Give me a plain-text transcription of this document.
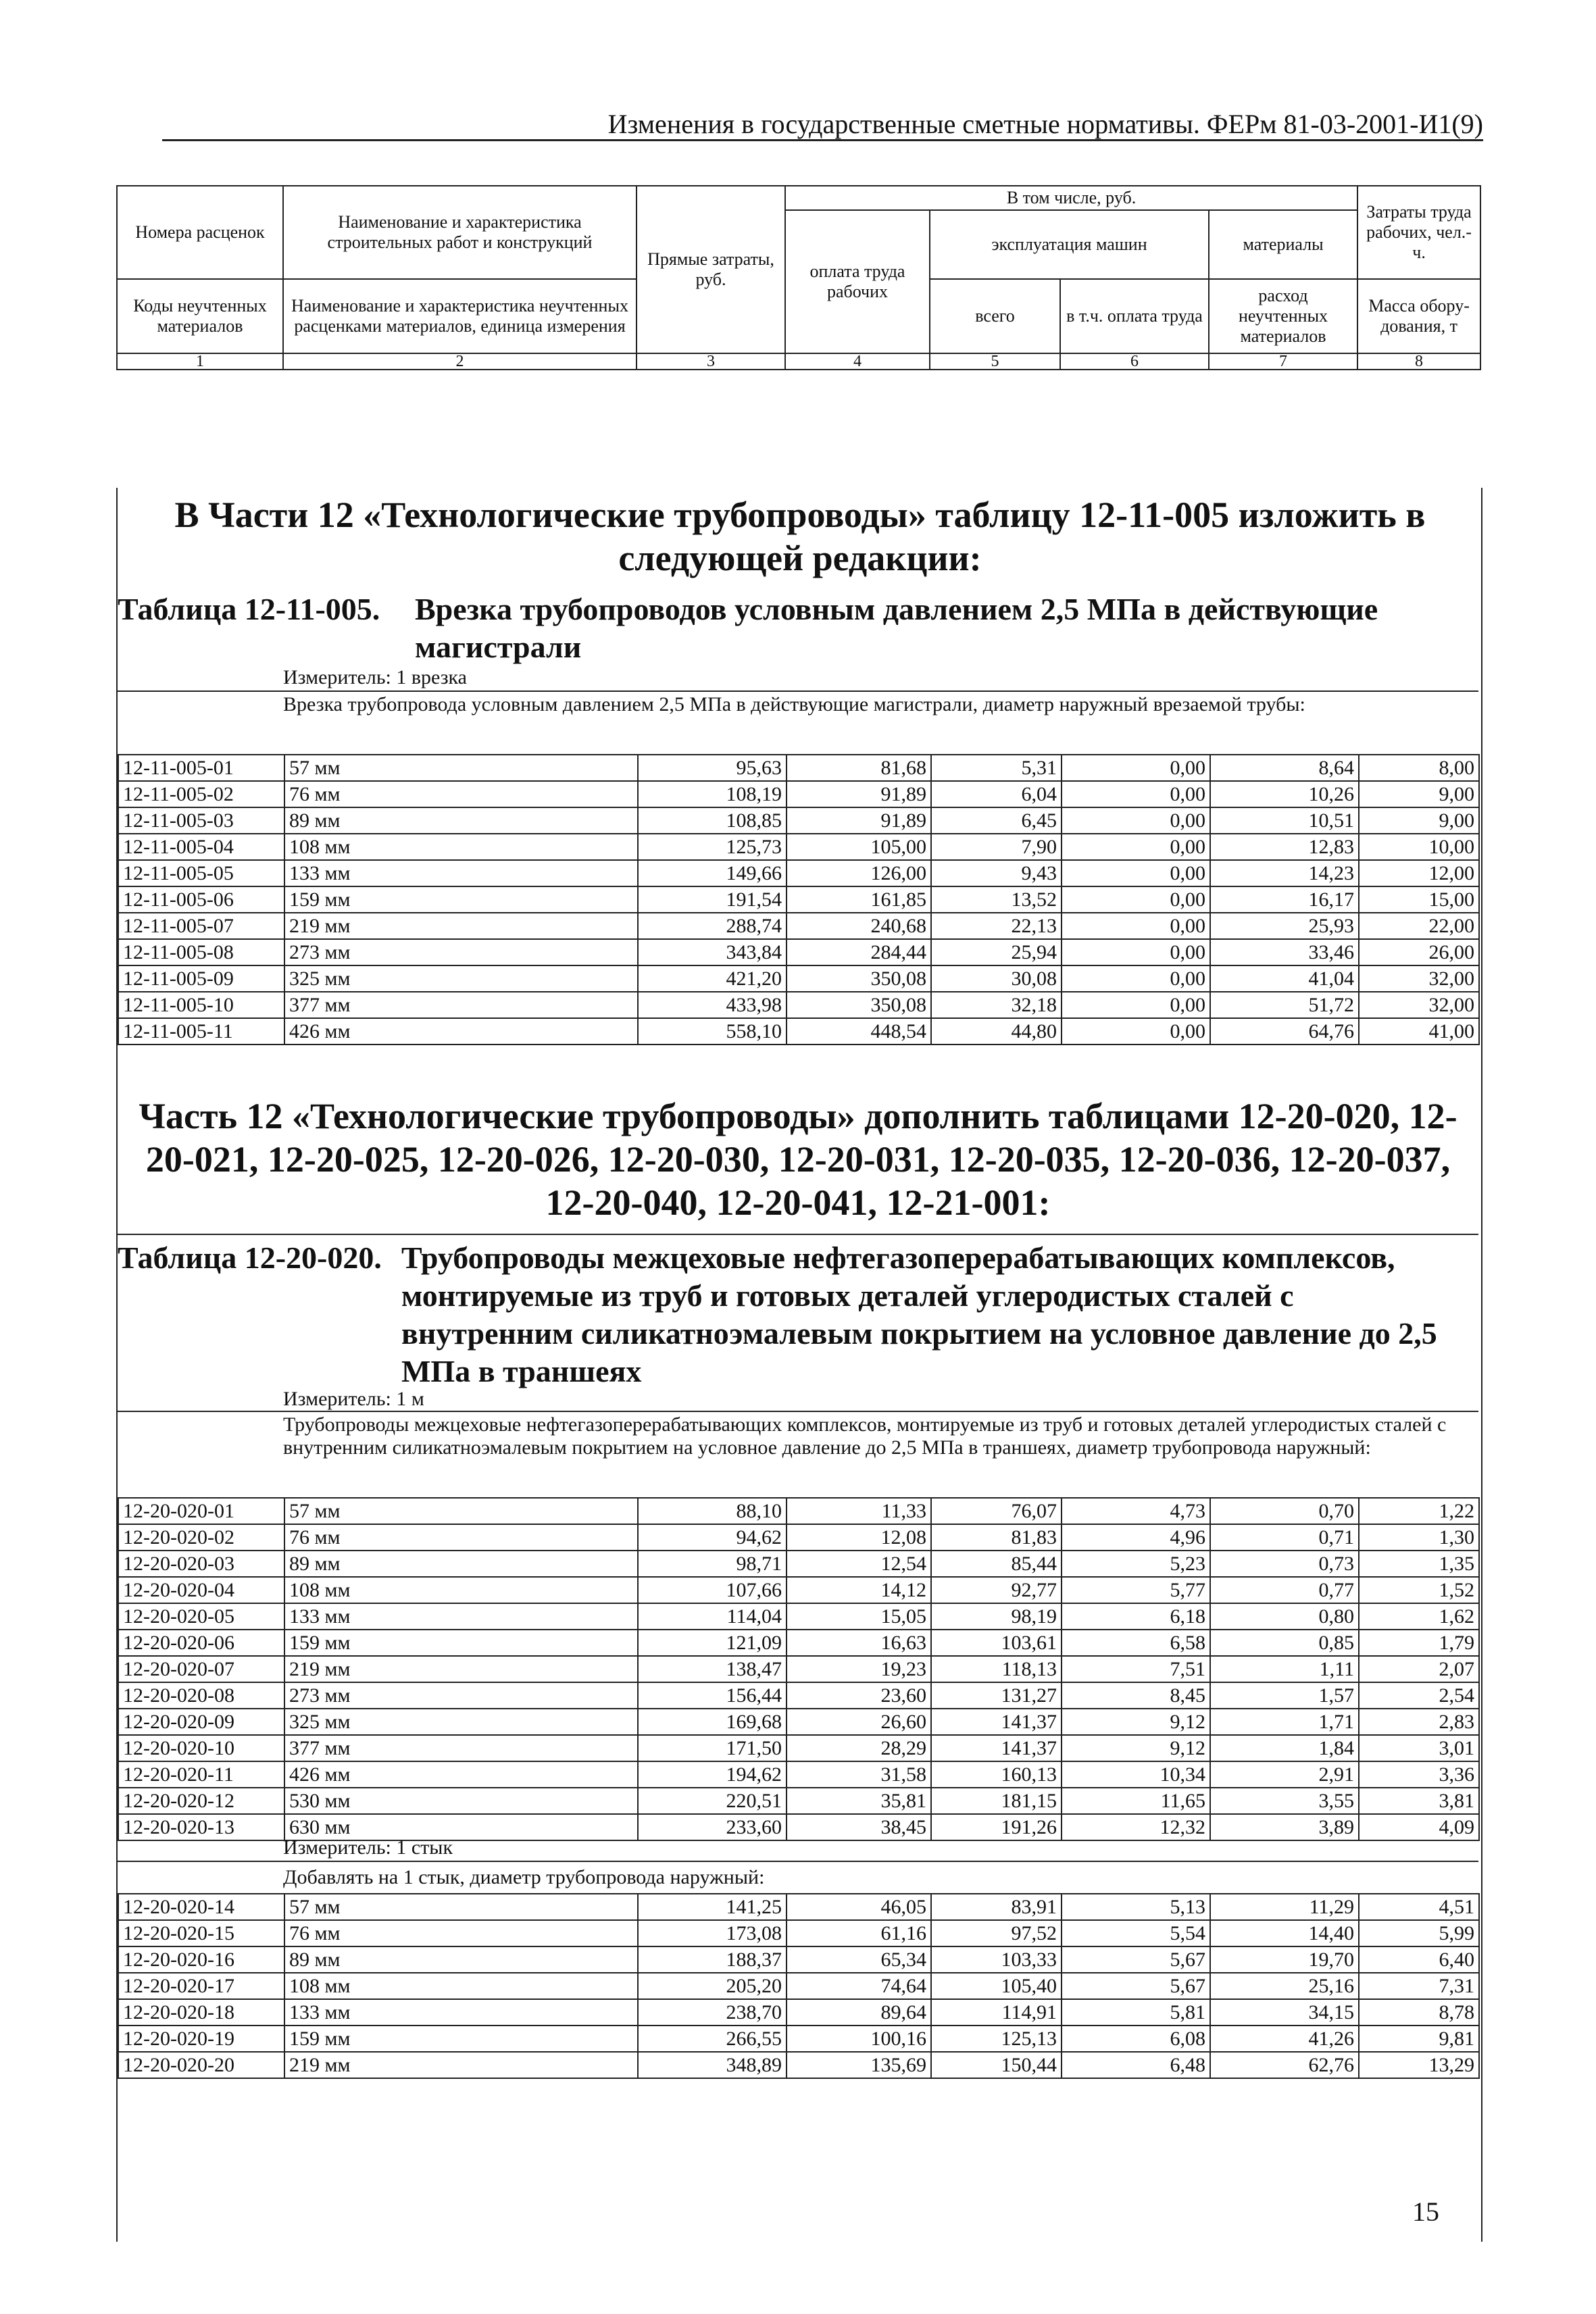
Изменения в государственные сметные нормативы. ФЕРм 81-03-2001-И1(9)
Номера расценок	Наименование и характеристика строительных работ и конструкций	Прямые затраты, руб.	В том числе, руб.				Затраты труда рабочих, чел.-ч.
			оплата труда рабочих	эксплуатация машин		материалы	
Коды неучтенных материалов	Наименование и характеристика неучтенных расценками материалов, единица измерения			всего	в т.ч. оплата труда	расход неучтенных материалов	Масса обору-дования, т

1	2	3	4	5	6	7	8
В Части 12 «Технологические трубопроводы» таблицу 12-11-005 изложить в следующей редакции:
Таблица 12-11-005. Врезка трубопроводов условным давлением 2,5 МПа в действующие магистрали
Измеритель: 1 врезка
Врезка трубопровода условным давлением 2,5 МПа в действующие магистрали, диаметр наружный врезаемой трубы:
12-11-005-01	57 мм	95,63	81,68	5,31	0,00	8,64	8,00
12-11-005-02	76 мм	108,19	91,89	6,04	0,00	10,26	9,00
12-11-005-03	89 мм	108,85	91,89	6,45	0,00	10,51	9,00
12-11-005-04	108 мм	125,73	105,00	7,90	0,00	12,83	10,00
12-11-005-05	133 мм	149,66	126,00	9,43	0,00	14,23	12,00
12-11-005-06	159 мм	191,54	161,85	13,52	0,00	16,17	15,00
12-11-005-07	219 мм	288,74	240,68	22,13	0,00	25,93	22,00
12-11-005-08	273 мм	343,84	284,44	25,94	0,00	33,46	26,00
12-11-005-09	325 мм	421,20	350,08	30,08	0,00	41,04	32,00
12-11-005-10	377 мм	433,98	350,08	32,18	0,00	51,72	32,00
12-11-005-11	426 мм	558,10	448,54	44,80	0,00	64,76	41,00
Часть 12 «Технологические трубопроводы» дополнить таблицами 12-20-020, 12-20-021, 12-20-025, 12-20-026, 12-20-030, 12-20-031, 12-20-035, 12-20-036, 12-20-037, 12-20-040, 12-20-041, 12-21-001:
Таблица 12-20-020. Трубопроводы межцеховые нефтегазоперерабатывающих комплексов, монтируемые из труб и готовых деталей углеродистых сталей с внутренним силикатноэмалевым покрытием на условное давление до 2,5 МПа в траншеях
Измеритель: 1 м
Трубопроводы межцеховые нефтегазоперерабатывающих комплексов, монтируемые из труб и готовых деталей углеродистых сталей с внутренним силикатноэмалевым покрытием на условное давление до 2,5 МПа в траншеях, диаметр трубопровода наружный:
12-20-020-01	57 мм	88,10	11,33	76,07	4,73	0,70	1,22
12-20-020-02	76 мм	94,62	12,08	81,83	4,96	0,71	1,30
12-20-020-03	89 мм	98,71	12,54	85,44	5,23	0,73	1,35
12-20-020-04	108 мм	107,66	14,12	92,77	5,77	0,77	1,52
12-20-020-05	133 мм	114,04	15,05	98,19	6,18	0,80	1,62
12-20-020-06	159 мм	121,09	16,63	103,61	6,58	0,85	1,79
12-20-020-07	219 мм	138,47	19,23	118,13	7,51	1,11	2,07
12-20-020-08	273 мм	156,44	23,60	131,27	8,45	1,57	2,54
12-20-020-09	325 мм	169,68	26,60	141,37	9,12	1,71	2,83
12-20-020-10	377 мм	171,50	28,29	141,37	9,12	1,84	3,01
12-20-020-11	426 мм	194,62	31,58	160,13	10,34	2,91	3,36
12-20-020-12	530 мм	220,51	35,81	181,15	11,65	3,55	3,81
12-20-020-13	630 мм	233,60	38,45	191,26	12,32	3,89	4,09
Измеритель: 1 стык
Добавлять на 1 стык, диаметр трубопровода наружный:
12-20-020-14	57 мм	141,25	46,05	83,91	5,13	11,29	4,51
12-20-020-15	76 мм	173,08	61,16	97,52	5,54	14,40	5,99
12-20-020-16	89 мм	188,37	65,34	103,33	5,67	19,70	6,40
12-20-020-17	108 мм	205,20	74,64	105,40	5,67	25,16	7,31
12-20-020-18	133 мм	238,70	89,64	114,91	5,81	34,15	8,78
12-20-020-19	159 мм	266,55	100,16	125,13	6,08	41,26	9,81
12-20-020-20	219 мм	348,89	135,69	150,44	6,48	62,76	13,29
15
